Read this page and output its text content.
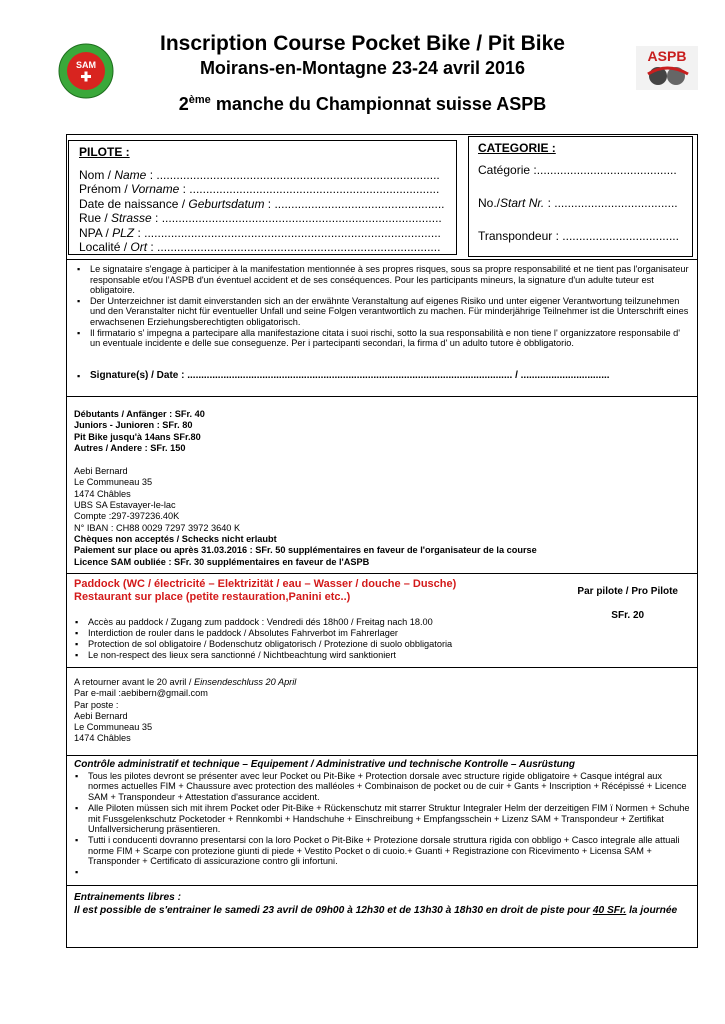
SAM
ASPB
Inscription Course Pocket Bike / Pit Bike
Moirans-en-Montagne 23-24 avril 2016
2ème manche du Championnat suisse ASPB
PILOTE :
Nom / Name : .....................................................................................
Prénom / Vorname : ...........................................................................
Date de naissance / Geburtsdatum : ...................................................
Rue / Strasse : ....................................................................................
NPA / PLZ : .........................................................................................
Localité / Ort : .....................................................................................
CATEGORIE :
Catégorie :..........................................
No./Start Nr. : .....................................
Transpondeur : ...................................
▪ Le signataire s'engage à participer à la manifestation mentionnée à ses propres risques, sous sa propre responsabilité et ne tient pas l'organisateur responsable et/ou l’ASPB d'un éventuel accident et de ses conséquences. Pour les participants mineurs, la signature d'un adulte tuteur est obligatoire.
▪ Der Unterzeichner ist damit einverstanden sich an der erwähnte Veranstaltung auf eigenes Risiko und unter eigener Verantwortung teilzunehmen und den Veranstalter nicht für eventueller Unfall und seine Folgen verantwortlich zu machen. Für minderjährige Teilnehmer ist die Unterschrift eines erwachsenen Erziehungsberechtigten obligatorisch.
▪ Il firmatario s' impegna a partecipare alla manifestazione citata i suoi rischi, sotto la sua responsabilità e non tiene l' organizzatore responsabile d' un eventuale incidente e delle sue conseguenze. Per i partecipanti secondari, la firma d' un adulto tutore è obbligatorio.
▪ Signature(s) / Date : ..................................................................................................................... / ................................
Débutants / Anfänger : SFr. 40
Juniors - Junioren : SFr. 80
Pit Bike jusqu'à 14ans SFr.80
Autres / Andere : SFr. 150
Aebi Bernard
Le Communeau 35
1474 Châbles
UBS SA Estavayer-le-lac
Compte :297-397236.40K
N° IBAN : CH88 0029 7297 3972 3640 K
Chèques non acceptés / Schecks nicht erlaubt
Paiement sur place ou après 31.03.2016 : SFr. 50 supplémentaires en faveur de l'organisateur de la course
Licence SAM oubliée : SFr. 30 supplémentaires en faveur de l'ASPB
Paddock (WC / électricité – Elektrizität / eau – Wasser / douche – Dusche)
Restaurant sur place (petite restauration,Panini etc..)	Par pilote / Pro Pilote
SFr. 20
▪ Accès au paddock / Zugang zum paddock : Vendredi dés 18h00 / Freitag nach 18.00
▪ Interdiction de rouler dans le paddock / Absolutes Fahrverbot im Fahrerlager
▪ Protection de sol obligatoire / Bodenschutz obligatorisch / Protezione di suolo obbligatoria
▪ Le non-respect des lieux sera sanctionné / Nichtbeachtung wird sanktioniert
A retourner avant le 20 avril / Einsendeschluss 20 April
Par e-mail :aebibern@gmail.com
Par poste :
Aebi Bernard
Le Communeau 35
1474 Châbles
Contrôle administratif et technique – Equipement / Administrative und technische Kontrolle – Ausrüstung
▪ Tous les pilotes devront se présenter avec leur Pocket ou Pit-Bike + Protection dorsale avec structure rigide obligatoire + Casque intégral aux normes actuelles FIM + Chaussure avec protection des malléoles + Combinaison de pocket ou de cuir + Gants + Inscription + Récépissé + Licence SAM + Transpondeur + Attestation d'assurance accident.
▪ Alle Piloten müssen sich mit ihrem Pocket oder Pit-Bike + Rückenschutz mit starrer Struktur Integraler Helm der derzeitigen FIM ï Normen + Schuhe mit Fussgelenkschutz Pocketoder + Rennkombi + Handschuhe + Einschreibung + Empfangsschein + Lizenz SAM + Transpondeur + Zertifikat Unfallversicherung präsentieren.
▪ Tutti i conducenti dovranno presentarsi con la loro Pocket o Pit-Bike + Protezione dorsale struttura rigida con obbligo + Casco integrale alle attuali norme FIM + Scarpe con protezione giunti di piede + Vestito Pocket o di cuoio.+ Guanti + Registrazione con Ricevimento + Licensa SAM + Transponder + Certificato di assicurazione contro gli infortuni.
▪
Entrainements libres :
Il est possible de s'entrainer le samedi 23 avril de 09h00 à 12h30 et de 13h30 à 18h30 en droit de piste pour 40 SFr. la journée
